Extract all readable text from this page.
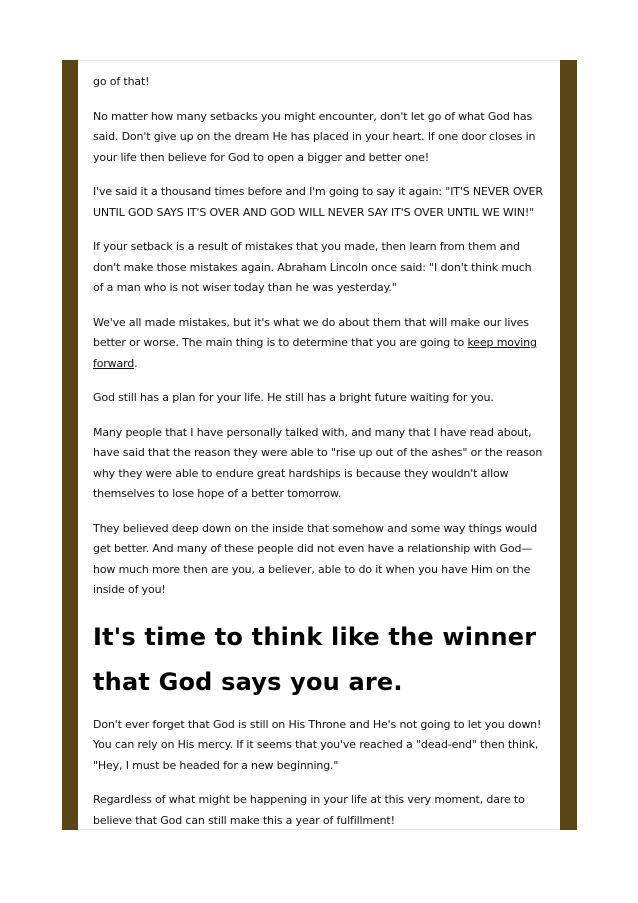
go of that!

No matter how many setbacks you might encounter, don't let go of what God has said. Don't give up on the dream He has placed in your heart. If one door closes in your life then believe for God to open a bigger and better one!

I've said it a thousand times before and I'm going to say it again: "IT'S NEVER OVER UNTIL GOD SAYS IT'S OVER AND GOD WILL NEVER SAY IT'S OVER UNTIL WE WIN!"

If your setback is a result of mistakes that you made, then learn from them and don't make those mistakes again. Abraham Lincoln once said: "I don't think much of a man who is not wiser today than he was yesterday."

We've all made mistakes, but it's what we do about them that will make our lives better or worse. The main thing is to determine that you are going to keep moving forward.

God still has a plan for your life. He still has a bright future waiting for you.

Many people that I have personally talked with, and many that I have read about, have said that the reason they were able to "rise up out of the ashes" or the reason why they were able to endure great hardships is because they wouldn't allow themselves to lose hope of a better tomorrow.

They believed deep down on the inside that somehow and some way things would get better. And many of these people did not even have a relationship with God—how much more then are you, a believer, able to do it when you have Him on the inside of you!

It's time to think like the winner that God says you are.

Don't ever forget that God is still on His Throne and He's not going to let you down! You can rely on His mercy. If it seems that you've reached a "dead-end" then think, "Hey, I must be headed for a new beginning."

Regardless of what might be happening in your life at this very moment, dare to believe that God can still make this a year of fulfillment!
